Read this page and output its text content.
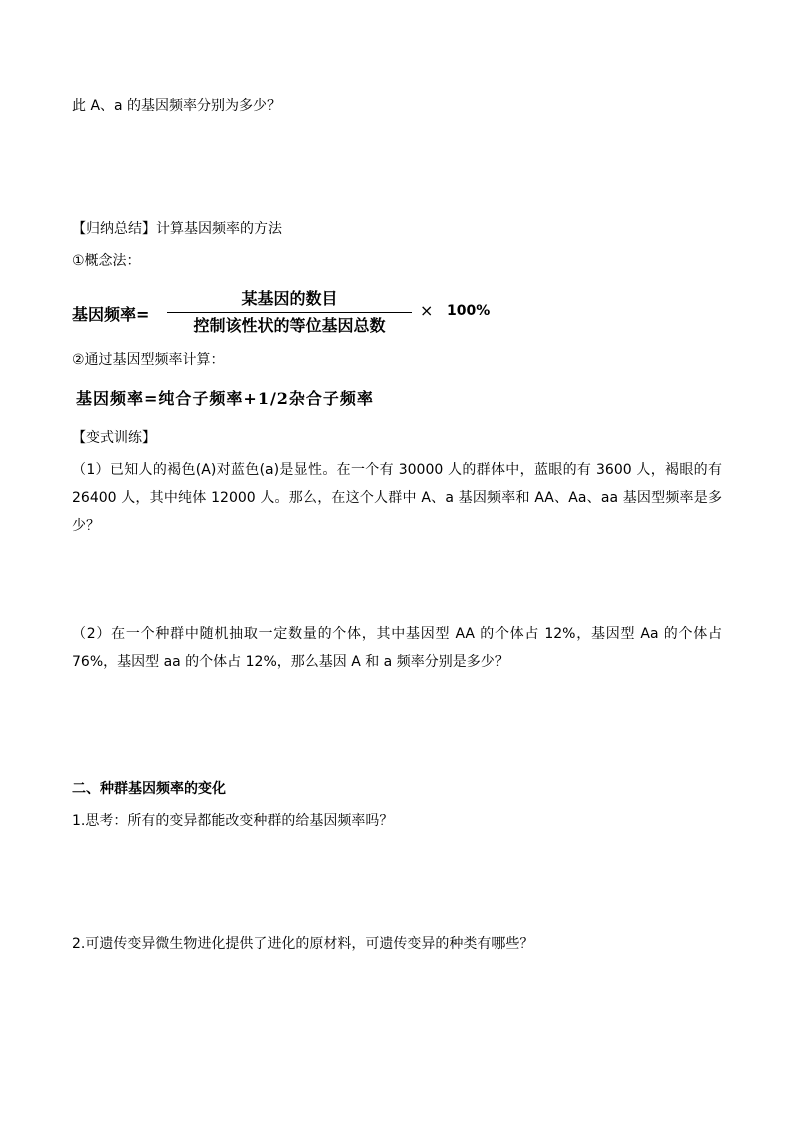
此 A、a 的基因频率分别为多少？
【归纳总结】计算基因频率的方法
①概念法：
基因频率=
某基因的数目
控制该性状的等位基因总数
× 100%
②通过基因型频率计算：
基因频率=纯合子频率+1/2杂合子频率
【变式训练】
（1）已知人的褐色(A)对蓝色(a)是显性。在一个有 30000 人的群体中，蓝眼的有 3600 人，褐眼的有 26400 人，其中纯体 12000 人。那么，在这个人群中 A、a 基因频率和 AA、Aa、aa 基因型频率是多少？
（2）在一个种群中随机抽取一定数量的个体，其中基因型 AA 的个体占 12%，基因型 Aa 的个体占 76%，基因型 aa 的个体占 12%，那么基因 A 和 a 频率分别是多少？
二、种群基因频率的变化
1.思考：所有的变异都能改变种群的给基因频率吗？
2.可遗传变异微生物进化提供了进化的原材料，可遗传变异的种类有哪些？
